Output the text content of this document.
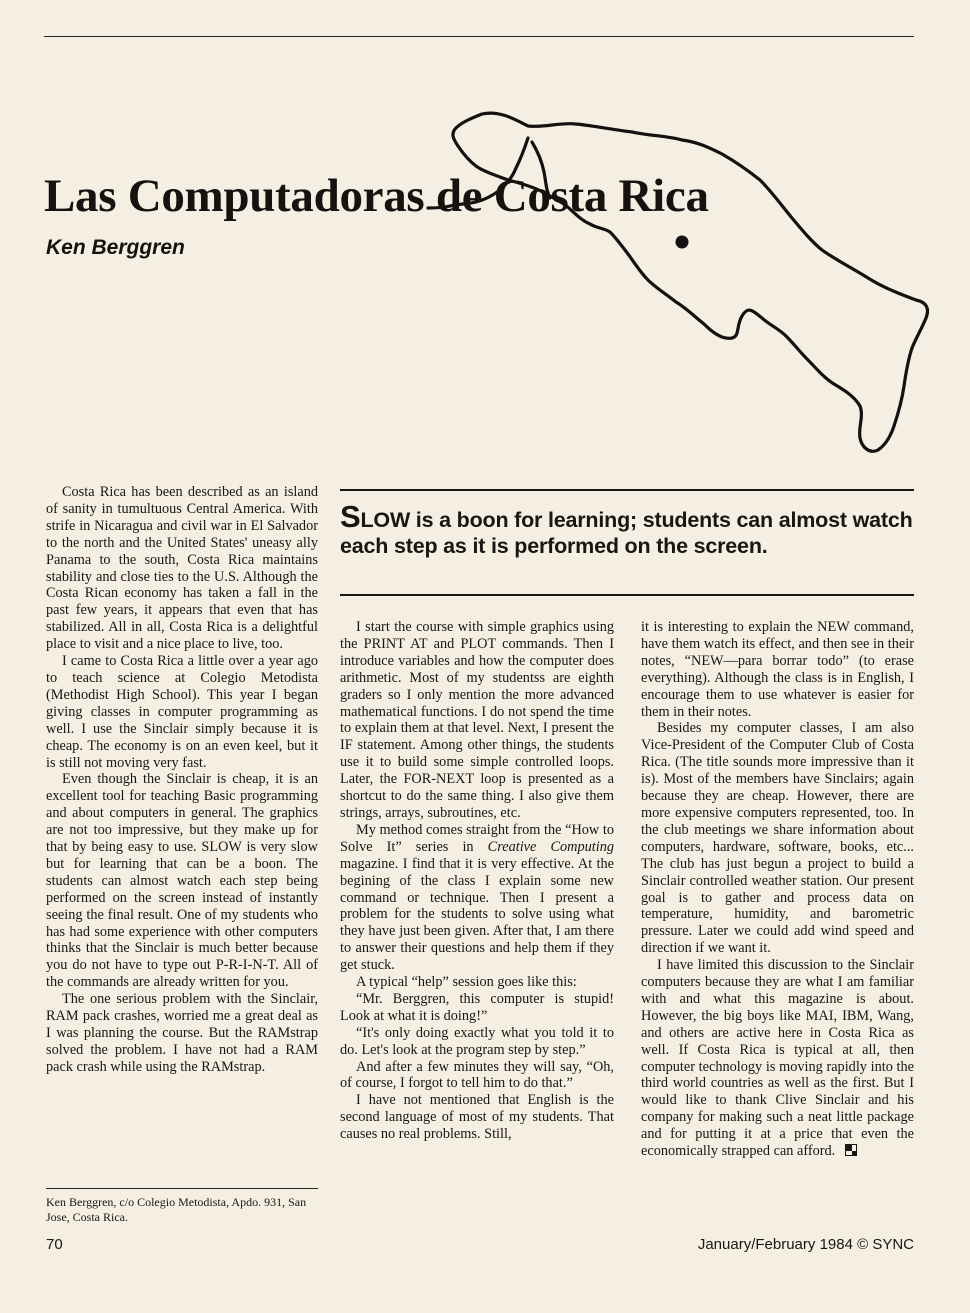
Las Computadoras de Costa Rica
Ken Berggren

Costa Rica has been described as an island of sanity in tumultuous Central America. With strife in Nicaragua and civil war in El Salvador to the north and the United States' uneasy ally Panama to the south, Costa Rica maintains stability and close ties to the U.S. Although the Costa Rican economy has taken a fall in the past few years, it appears that even that has stabilized. All in all, Costa Rica is a delightful place to visit and a nice place to live, too.

I came to Costa Rica a little over a year ago to teach science at Colegio Metodista (Methodist High School). This year I began giving classes in computer programming as well. I use the Sinclair simply because it is cheap. The economy is on an even keel, but it is still not moving very fast.

Even though the Sinclair is cheap, it is an excellent tool for teaching Basic programming and about computers in general. The graphics are not too impressive, but they make up for that by being easy to use. SLOW is very slow but for learning that can be a boon. The students can almost watch each step being performed on the screen instead of instantly seeing the final result. One of my students who has had some experience with other computers thinks that the Sinclair is much better because you do not have to type out P-R-I-N-T. All of the commands are already written for you.

The one serious problem with the Sinclair, RAM pack crashes, worried me a great deal as I was planning the course. But the RAMstrap solved the problem. I have not had a RAM pack crash while using the RAMstrap.

Ken Berggren, c/o Colegio Metodista, Apdo. 931, San Jose, Costa Rica.

SLOW is a boon for learning; students can almost watch each step as it is performed on the screen.

I start the course with simple graphics using the PRINT AT and PLOT commands. Then I introduce variables and how the computer does arithmetic. Most of my studentss are eighth graders so I only mention the more advanced mathematical functions. I do not spend the time to explain them at that level. Next, I present the IF statement. Among other things, the students use it to build some simple controlled loops. Later, the FOR-NEXT loop is presented as a shortcut to do the same thing. I also give them strings, arrays, subroutines, etc.

My method comes straight from the “How to Solve It” series in Creative Computing magazine. I find that it is very effective. At the begining of the class I explain some new command or technique. Then I present a problem for the students to solve using what they have just been given. After that, I am there to answer their questions and help them if they get stuck.

A typical “help” session goes like this:

“Mr. Berggren, this computer is stupid! Look at what it is doing!”

“It's only doing exactly what you told it to do. Let's look at the program step by step.”

And after a few minutes they will say, “Oh, of course, I forgot to tell him to do that.”

I have not mentioned that English is the second language of most of my students. That causes no real problems. Still,

it is interesting to explain the NEW command, have them watch its effect, and then see in their notes, “NEW—para borrar todo” (to erase everything). Although the class is in English, I encourage them to use whatever is easier for them in their notes.

Besides my computer classes, I am also Vice-President of the Computer Club of Costa Rica. (The title sounds more impressive than it is). Most of the members have Sinclairs; again because they are cheap. However, there are more expensive computers represented, too. In the club meetings we share information about computers, hardware, software, books, etc... The club has just begun a project to build a Sinclair controlled weather station. Our present goal is to gather and process data on temperature, humidity, and barometric pressure. Later we could add wind speed and direction if we want it.

I have limited this discussion to the Sinclair computers because they are what I am familiar with and what this magazine is about. However, the big boys like MAI, IBM, Wang, and others are active here in Costa Rica as well. If Costa Rica is typical at all, then computer technology is moving rapidly into the third world countries as well as the first. But I would like to thank Clive Sinclair and his company for making such a neat little package and for putting it at a price that even the economically strapped can afford.

70	January/February 1984 © SYNC
